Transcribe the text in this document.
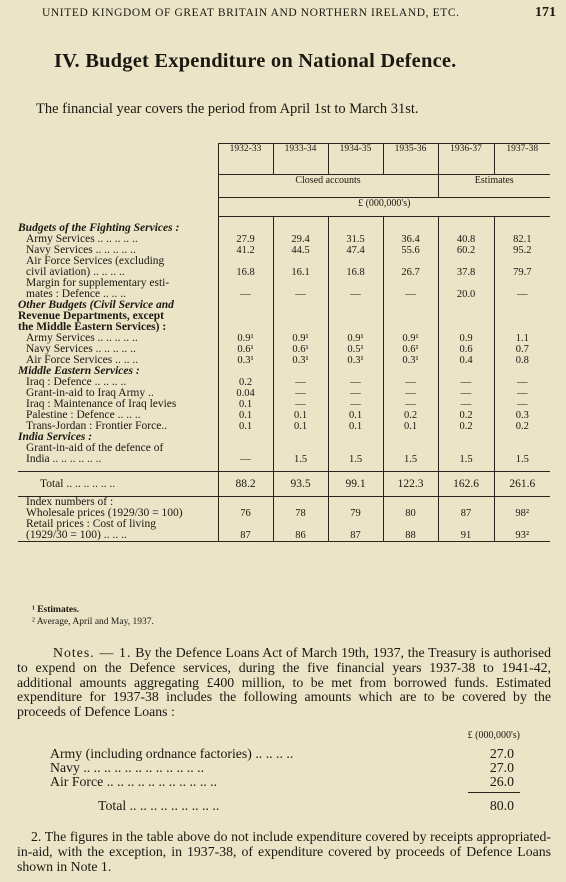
UNITED KINGDOM OF GREAT BRITAIN AND NORTHERN IRELAND, ETC.	171
IV. Budget Expenditure on National Defence.
The financial year covers the period from April 1st to March 31st.
	1932-33	1933-34	1934-35	1935-36	1936-37	1937-38
	Closed accounts				Estimates	
	£ (000,000's)					

Budgets of the Fighting Services :						
Army Services .. .. .. .. ..	27.9	29.4	31.5	36.4	40.8	82.1
Navy Services .. .. .. .. ..	41.2	44.5	47.4	55.6	60.2	95.2
Air Force Services (excluding						
civil aviation) .. .. .. ..	16.8	16.1	16.8	26.7	37.8	79.7
Margin for supplementary esti-						
mates : Defence .. .. ..	—	—	—	—	20.0	—
Other Budgets (Civil Service and						
Revenue Departments, except						
the Middle Eastern Services) :						
Army Services .. .. .. .. ..	0.9¹	0.9¹	0.9¹	0.9¹	0.9	1.1
Navy Services .. .. .. .. ..	0.6¹	0.6¹	0.5¹	0.6¹	0.6	0.7
Air Force Services .. .. ..	0.3¹	0.3¹	0.3¹	0.3¹	0.4	0.8
Middle Eastern Services :						
Iraq : Defence .. .. .. ..	0.2	—	—	—	—	—
Grant-in-aid to Iraq Army ..	0.04	—	—	—	—	—
Iraq : Maintenance of Iraq levies	0.1	—	—	—	—	—
Palestine : Defence .. .. ..	0.1	0.1	0.1	0.2	0.2	0.3
Trans-Jordan : Frontier Force..	0.1	0.1	0.1	0.1	0.2	0.2
India Services :						
Grant-in-aid of the defence of						
India .. .. .. .. .. ..	—	1.5	1.5	1.5	1.5	1.5

Total .. .. .. .. .. ..	88.2	93.5	99.1	122.3	162.6	261.6
Index numbers of :						
Wholesale prices (1929/30 = 100)	76	78	79	80	87	98²
Retail prices : Cost of living						
(1929/30 = 100) .. .. ..	87	86	87	88	91	93²
¹ Estimates.
² Average, April and May, 1937.
Notes. — 1. By the Defence Loans Act of March 19th, 1937, the Treasury is authorised to expend on the Defence services, during the five financial years 1937-38 to 1941-42, additional amounts aggregating £400 million, to be met from borrowed funds. Estimated expenditure for 1937-38 includes the following amounts which are to be covered by the proceeds of Defence Loans :
£ (000,000's)
Army (including ordnance factories) .. .. .. ..	27.0
Navy .. .. .. .. .. .. .. .. .. .. .. ..	27.0
Air Force .. .. .. .. .. .. .. .. .. .. ..	26.0
Total .. .. .. .. .. .. .. .. ..	80.0
2. The figures in the table above do not include expenditure covered by receipts appropriated-in-aid, with the exception, in 1937-38, of expenditure covered by proceeds of Defence Loans shown in Note 1.
